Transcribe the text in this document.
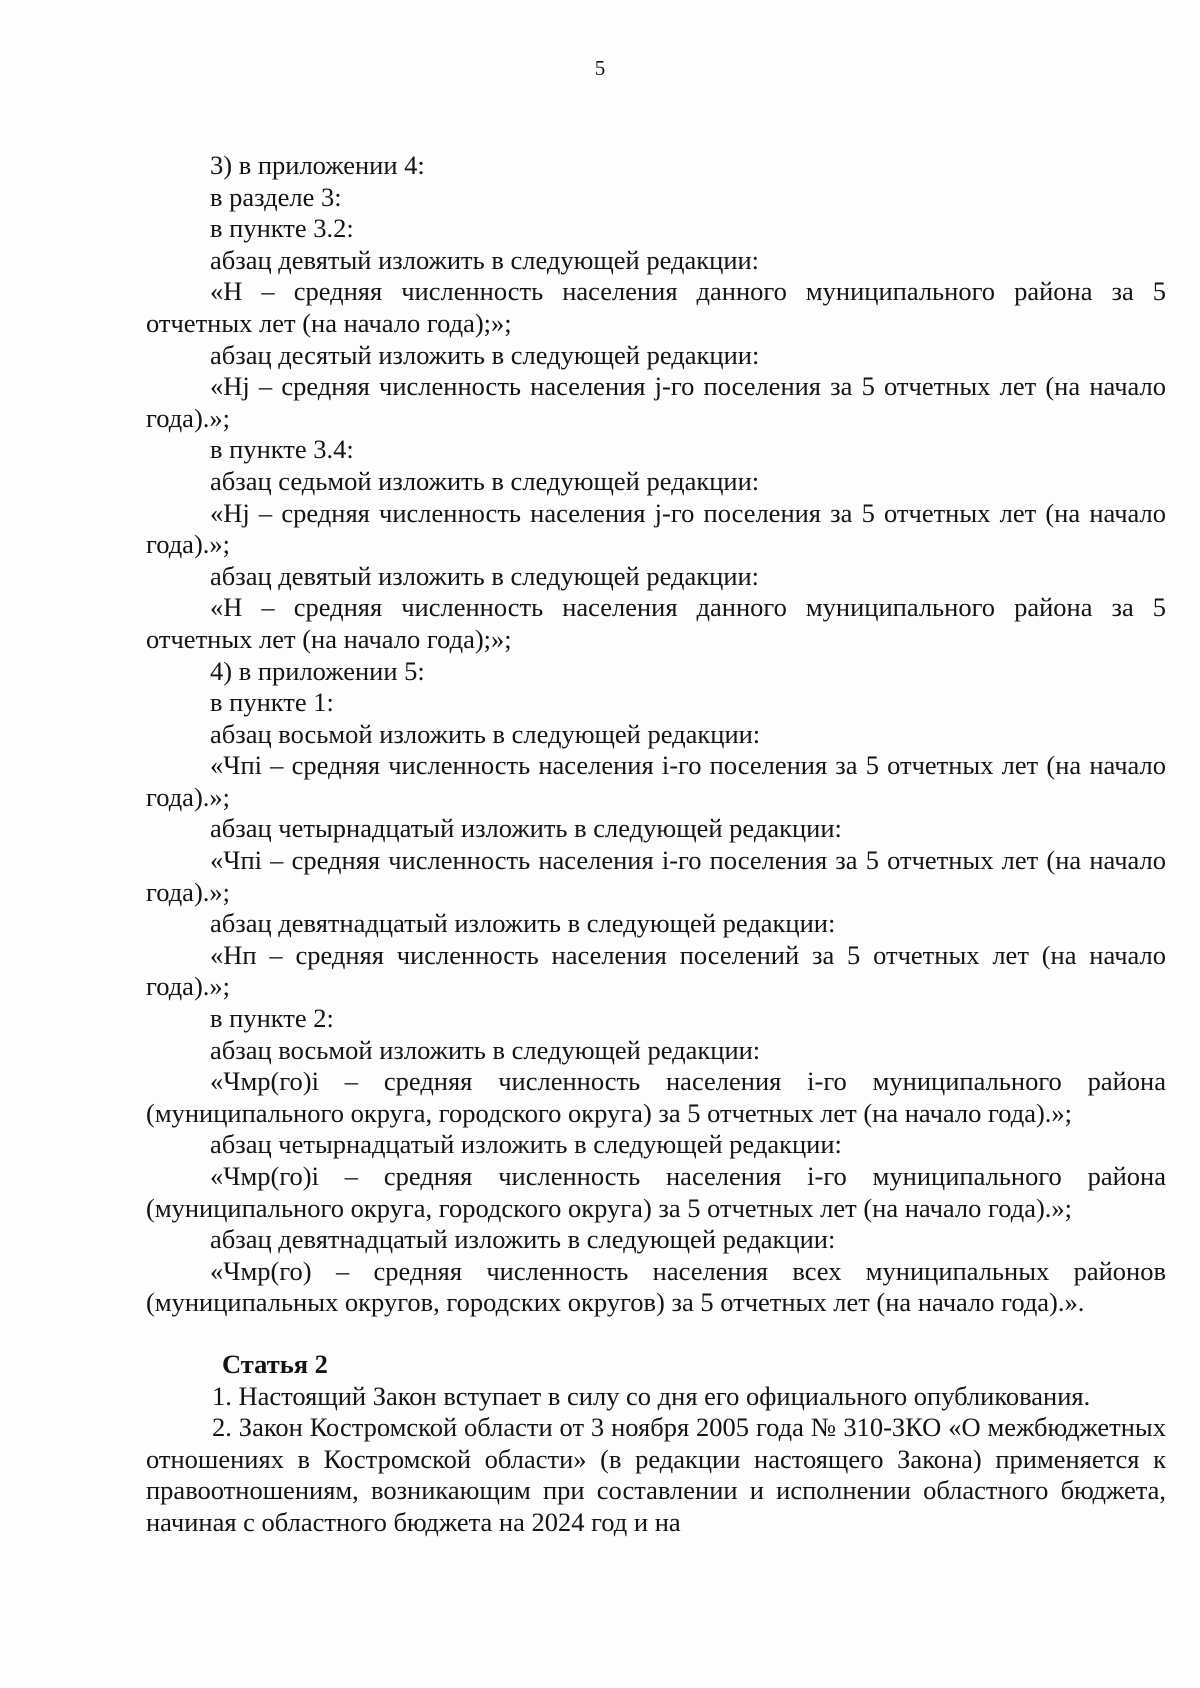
5

3) в приложении 4:

в разделе 3:

в пункте 3.2:

абзац девятый изложить в следующей редакции:

«Н – средняя численность населения данного муниципального района за 5 отчетных лет (на начало года);»;

абзац десятый изложить в следующей редакции:

«Нj – средняя численность населения j-го поселения за 5 отчетных лет (на начало года).»;

в пункте 3.4:

абзац седьмой изложить в следующей редакции:

«Нj – средняя численность населения j-го поселения за 5 отчетных лет (на начало года).»;

абзац девятый изложить в следующей редакции:

«Н – средняя численность населения данного муниципального района за 5 отчетных лет (на начало года);»;

4) в приложении 5:

в пункте 1:

абзац восьмой изложить в следующей редакции:

«Чпi – средняя численность населения i-го поселения за 5 отчетных лет (на начало года).»;

абзац четырнадцатый изложить в следующей редакции:

«Чпi – средняя численность населения i-го поселения за 5 отчетных лет (на начало года).»;

абзац девятнадцатый изложить в следующей редакции:

«Нп – средняя численность населения поселений за 5 отчетных лет (на начало года).»;

в пункте 2:

абзац восьмой изложить в следующей редакции:

«Чмр(го)i – средняя численность населения i-го муниципального района (муниципального округа, городского округа) за 5 отчетных лет (на начало года).»;

абзац четырнадцатый изложить в следующей редакции:

«Чмр(го)i – средняя численность населения i-го муниципального района (муниципального округа, городского округа) за 5 отчетных лет (на начало года).»;

абзац девятнадцатый изложить в следующей редакции:

«Чмр(го) – средняя численность населения всех муниципальных районов (муниципальных округов, городских округов) за 5 отчетных лет (на начало года).».

Статья 2

1. Настоящий Закон вступает в силу со дня его официального опубликования.

2. Закон Костромской области от 3 ноября 2005 года № 310-ЗКО «О межбюджетных отношениях в Костромской области» (в редакции настоящего Закона) применяется к правоотношениям, возникающим при составлении и исполнении областного бюджета, начиная с областного бюджета на 2024 год и на
